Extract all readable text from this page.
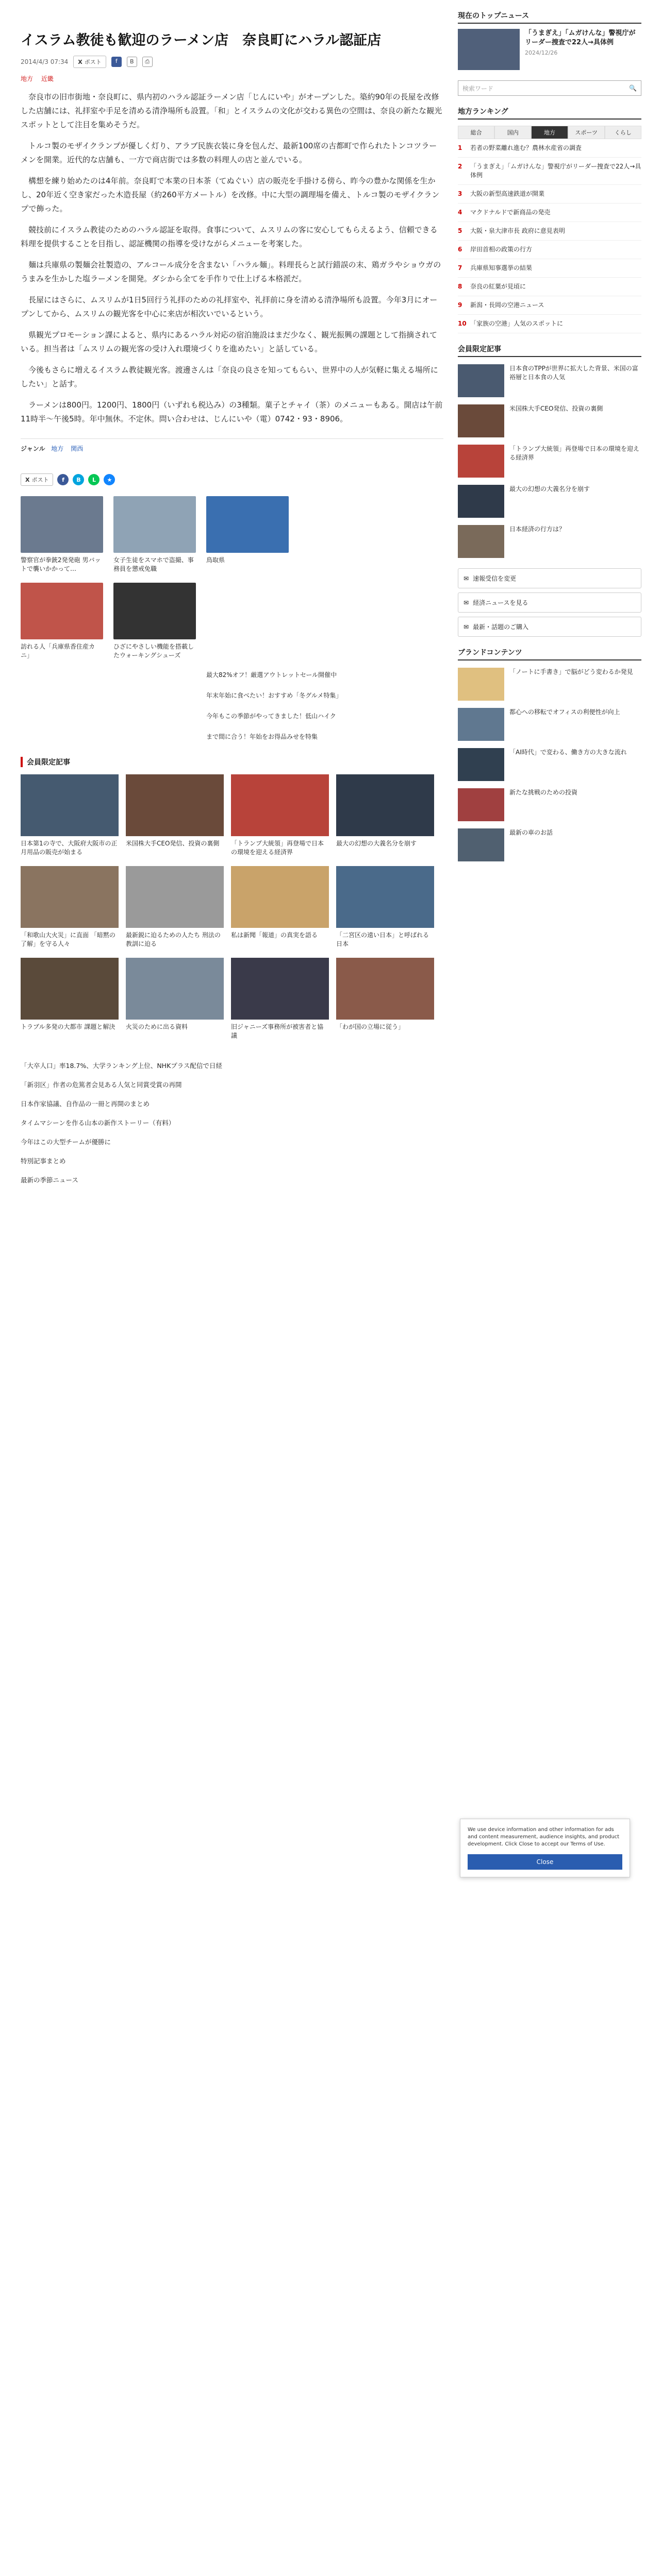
イスラム教徒も歓迎のラーメン店　奈良町にハラル認証店
2014/4/3 07:34 X ポスト	f	B	⎙
地方 近畿

奈良市の旧市街地・奈良町に、県内初のハラル認証ラーメン店「じんにいや」がオープンした。築約90年の長屋を改修した店舗には、礼拝室や手足を清める清浄場所も設置。「和」とイスラムの文化が交わる異色の空間は、奈良の新たな観光スポットとして注目を集めそうだ。

トルコ製のモザイクランプが優しく灯り、アラブ民族衣装に身を包んだ、最新100席の古都町で作られたトンコツラーメンを開業。近代的な店舗も、一方で商店街では多数の料理人の店と並んでいる。

構想を練り始めたのは4年前。奈良町で本業の日本茶（てぬぐい）店の販売を手掛ける傍ら、昨今の豊かな関係を生かし、20年近く空き家だった木造長屋（約260平方メートル）を改修。中に大型の調理場を備え、トルコ製のモザイクランプで飾った。

競技前にイスラム教徒のためのハラル認証を取得。食事について、ムスリムの客に安心してもらえるよう、信頼できる料理を提供することを目指し、認証機関の指導を受けながらメニューを考案した。

麺は兵庫県の製麺会社製造の、アルコール成分を含まない「ハラル麺」。料理長らと試行錯誤の末、鶏ガラやショウガのうまみを生かした塩ラーメンを開発。ダシから全てを手作りで仕上げる本格派だ。

長屋にはさらに、ムスリムが1日5回行う礼拝のための礼拝室や、礼拝前に身を清める清浄場所も設置。今年3月にオープンしてから、ムスリムの観光客を中心に来店が相次いでいるという。

県観光プロモーション課によると、県内にあるハラル対応の宿泊施設はまだ少なく、観光振興の課題として指摘されている。担当者は「ムスリムの観光客の受け入れ環境づくりを進めたい」と話している。

今後もさらに増えるイスラム教徒観光客。渡邊さんは「奈良の良さを知ってもらい、世界中の人が気軽に集える場所にしたい」と話す。

ラーメンは800円。1200円、1800円（いずれも税込み）の3種類。菓子とチャイ（茶）のメニューもある。開店は午前11時半～午後5時。年中無休。不定休。問い合わせは、じんにいや（電）0742・93・8906。

ジャンル 地方 関西
X ポスト	f	B	L	★
警察官が拳銃2発発砲 男バットで襲いかかって…
女子生徒をスマホで盗撮、事務員を懲戒免職
鳥取県
訪れる人「兵庫県香住産カニ」
ひざにやさしい機能を搭載したウォーキングシューズ
最大82%オフ！厳選アウトレットセール開催中
年末年始に食べたい！おすすめ「冬グルメ特集」
今年もこの季節がやってきました！低山ハイク
まで間に合う！年始をお得品みせを特集
会員限定記事
日本第1の寺で、大阪府大阪市の正月用品の販売が始まる
米国株大手CEO発信、投資の裏側	「トランプ大統領」再登場で日本の環境を迎える経済界
最大の幻想の大義名分を崩す
「和歌山大火災」に直面 「暗黙の了解」を守る人々
最新鋭に迫るための人たち 刑法の教訓に迫る
私は新聞「報道」の真実を語る	「二宮区の遠い日本」と呼ばれる日本
トラブル多発の大都市 課題と解決	火災のために出る資料	旧ジャニーズ事務所が被害者と協議
「わが国の立場に従う」
「大卒人口」率18.7%、大学ランキング上位、NHKプラス配信で日経
「新羽区」作者の危篤者会見ある人気と同賞受賞の再開
日本作家協議、自作品の一冊と再開のまとめ
タイムマシーンを作る山本の新作ストーリー（有料）
今年はこの大型チームが優勝に
特別記事まとめ
最新の季節ニュース
現在のトップニュース
「うまぎえ」「ムガけんな」警視庁がリーダー捜査で22人→具体例
2024/12/26
検索ワード	🔍
地方ランキング
総合	国内	地方	スポーツ	くらし
1	若者の野菜離れ進む？農林水産省の調査
2	「うまぎえ」「ムガけんな」警視庁がリーダー捜査で22人→具体例
3	大阪の新型高速鉄道が開業
4	マクドナルドで新商品の発売
5	大阪・泉大津市長 政府に意見表明
6	岸田首相の政策の行方
7	兵庫県知事選挙の結果
8	奈良の紅葉が見頃に
9	新潟・長岡の空港ニュース
10 「家族の空港」人気のスポットに
会員限定記事
日本食のTPPが世界に拡大した背景、米国の富裕層と日本食の人気
米国株大手CEO発信、投資の裏側
「トランプ大統領」再登場で日本の環境を迎える経済界
最大の幻想の大義名分を崩す
日本経済の行方は？
✉ 速報受信を変更
✉ 経済ニュースを見る
✉ 最新・話題のご購入
ブランドコンテンツ
「ノートに手書き」で脳がどう変わるか発見
都心への移転でオフィスの利便性が向上
「AI時代」で変わる、働き方の大きな流れ
新たな挑戦のための投資
最新の車のお話
We use device information and other information for ads and content measurement, audience insights, and product development. Click Close to accept our Terms of Use.
Close
